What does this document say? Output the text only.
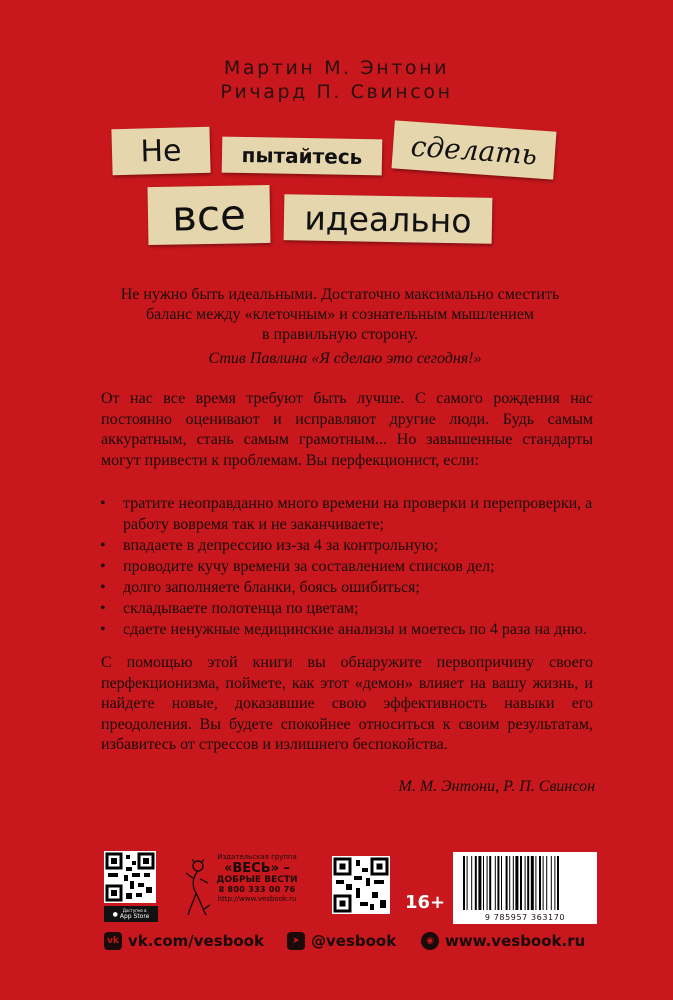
Мартин М. Энтони
Ричард П. Свинсон
Не	пытайтесь сделать
все идеально
Не нужно быть идеальными. Достаточно максимально сместить
баланс между «клеточным» и сознательным мышлением
в правильную сторону.
Стив Павлина «Я сделаю это сегодня!»
От нас все время требуют быть лучше. С самого рождения нас постоянно оценивают и исправляют другие люди. Будь самым аккуратным, стань самым грамотным... Но завышенные стандарты могут привести к проблемам. Вы перфекционист, если:
• тратите неоправданно много времени на проверки и перепроверки, а работу вовремя так и не заканчиваете;
• впадаете в депрессию из-за 4 за контрольную;
• проводите кучу времени за составлением списков дел;
• долго заполняете бланки, боясь ошибиться;
• складываете полотенца по цветам;
• сдаете ненужные медицинские анализы и моетесь по 4 раза на дню.
С помощью этой книги вы обнаружите первопричину своего перфекционизма, поймете, как этот «демон» влияет на вашу жизнь, и найдете новые, доказавшие свою эффективность навыки его преодоления. Вы будете спокойнее относиться к своим результатам, избавитесь от стрессов и излишнего беспокойства.
М. М. Энтони, Р. П. Свинсон
●	Доступно в
App Store
Издательская группа
«ВЕСЬ» –
ДОБРЫЕ ВЕСТИ
8 800 333 00 76
http://www.vesbook.ru	16+
9 785957 363170
vk vk.com/vesbook	➤ @vesbook	◉ www.vesbook.ru
